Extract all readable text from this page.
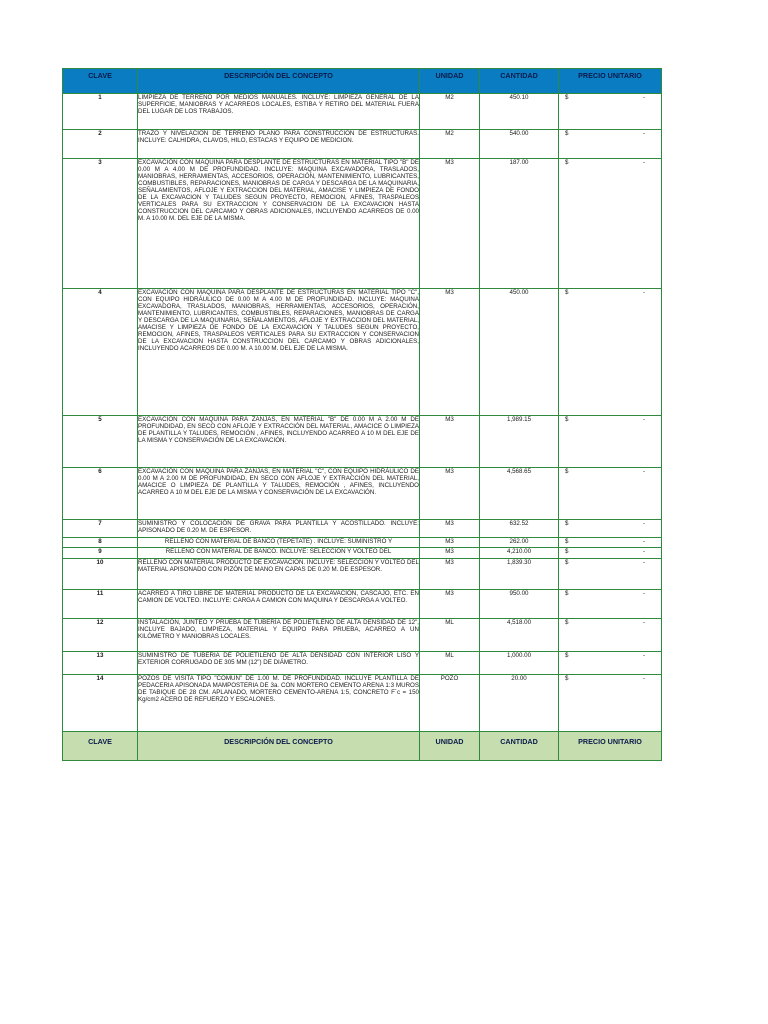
CLAVE	DESCRIPCIÓN DEL CONCEPTO	UNIDAD	CANTIDAD	PRECIO UNITARIO
1	LIMPIEZA DE TERRENO POR MEDIOS MANUALES. INCLUYE: LIMPIEZA GENERAL DE LA SUPERFICIE, MANIOBRAS Y ACARREOS LOCALES, ESTIBA Y RETIRO DEL MATERIAL FUERA DEL LUGAR DE LOS TRABAJOS.	M2	450.10	$ -

2	TRAZO Y NIVELACION DE TERRENO PLANO PARA CONSTRUCCION DE ESTRUCTURAS. INCLUYE: CALHIDRA, CLAVOS, HILO, ESTACAS Y EQUIPO DE MEDICION.	M2	540.00	$ -

3	EXCAVACIÓN CON MAQUINA PARA DESPLANTE DE ESTRUCTURAS EN MATERIAL TIPO "B" DE 0.00 M A 4.00 M DE PROFUNDIDAD. INCLUYE: MAQUINA EXCAVADORA, TRASLADOS, MANIOBRAS, HERRAMIENTAS, ACCESORIOS, OPERACIÓN, MANTENIMIENTO, LUBRICANTES, COMBUSTIBLES, REPARACIONES, MANIOBRAS DE CARGA Y DESCARGA DE LA MAQUINARIA, SEÑALAMIENTOS, AFLOJE Y EXTRACCION DEL MATERIAL, AMACISE Y LIMPIEZA DE FONDO DE LA EXCAVACION Y TALUDES SEGUN PROYECTO, REMOCION, AFINES, TRASPALEOS VERTICALES PARA SU EXTRACCION Y CONSERVACION DE LA EXCAVACION HASTA CONSTRUCCION DEL CARCAMO Y OBRAS ADICIONALES, INCLUYENDO ACARREOS DE 0.00 M. A 10.00 M. DEL EJE DE LA MISMA.	M3	187.00	$ -

4	EXCAVACIÓN CON MAQUINA PARA DESPLANTE DE ESTRUCTURAS EN MATERIAL TIPO "C", CON EQUIPO HIDRÁULICO DE 0.00 M A 4.00 M DE PROFUNDIDAD. INCLUYE: MAQUINA EXCAVADORA, TRASLADOS, MANIOBRAS, HERRAMIENTAS, ACCESORIOS, OPERACIÓN, MANTENIMIENTO, LUBRICANTES, COMBUSTIBLES, REPARACIONES, MANIOBRAS DE CARGA Y DESCARGA DE LA MAQUINARIA, SEÑALAMIENTOS, AFLOJE Y EXTRACCION DEL MATERIAL, AMACISE Y LIMPIEZA DE FONDO DE LA EXCAVACION Y TALUDES SEGUN PROYECTO, REMOCION, AFINES, TRASPALEOS VERTICALES PARA SU EXTRACCION Y CONSERVACION DE LA EXCAVACION HASTA CONSTRUCCION DEL CARCAMO Y OBRAS ADICIONALES, INCLUYENDO ACARREOS DE 0.00 M. A 10.00 M. DEL EJE DE LA MISMA.	M3	450.00	$ -

5	EXCAVACIÓN CON MAQUINA PARA ZANJAS, EN MATERIAL "B" DE 0.00 M A 2.00 M DE PROFUNDIDAD, EN SECO CON AFLOJE Y EXTRACCIÓN DEL MATERIAL, AMACICE O LIMPIEZA DE PLANTILLA Y TALUDES, REMOCIÓN , AFINES, INCLUYENDO ACARREO A 10 M DEL EJE DE LA MISMA Y CONSERVACIÓN DE LA EXCAVACIÓN.	M3	1,989.15	$ -

6	EXCAVACIÓN CON MAQUINA PARA ZANJAS, EN MATERIAL "C", CON EQUIPO HIDRÁULICO DE 0.00 M A 2.00 M DE PROFUNDIDAD, EN SECO CON AFLOJE Y EXTRACCIÓN DEL MATERIAL, AMACICE O LIMPIEZA DE PLANTILLA Y TALUDES, REMOCIÓN , AFINES, INCLUYENDO ACARREO A 10 M DEL EJE DE LA MISMA Y CONSERVACIÓN DE LA EXCAVACIÓN.	M3	4,568.65	$ -

7	SUMINISTRO Y COLOCACIÓN DE GRAVA PARA PLANTILLA Y ACOSTILLADO. INCLUYE: APISONADO DE 0.20 M. DE ESPESOR.	M3	632.52	$ -

8	RELLENO CON MATERIAL DE BANCO (TEPETATE) . INCLUYE: SUMINISTRO Y	M3	262.00	$ -

9	RELLENO CON MATERIAL DE BANCO. INCLUYE: SELECCION Y VOLTEO DEL	M3	4,210.00	$ -

10	RELLENO CON MATERIAL PRODUCTO DE EXCAVACION. INCLUYE: SELECCION Y VOLTEO DEL MATERIAL APISONADO CON PIZÓN DE MANO EN CAPAS DE 0.20 M. DE ESPESOR.	M3	1,839.30	$ -

11	ACARREO A TIRO LIBRE DE MATERIAL PRODUCTO DE LA EXCAVACION, CASCAJO, ETC. EN CAMION DE VOLTEO. INCLUYE: CARGA A CAMION CON MAQUINA Y DESCARGA A VOLTEO.	M3	950.00	$ -

12	INSTALACIÓN, JUNTEO Y PRUEBA DE TUBERÍA DE POLIETILENO DE ALTA DENSIDAD DE 12", INCLUYE BAJADO, LIMPIEZA, MATERIAL Y EQUIPO PARA PRUEBA, ACARREO A UN KILÓMETRO Y MANIOBRAS LOCALES.	ML	4,518.00	$ -

13	SUMINISTRO DE TUBERIA DE POLIETILENO DE ALTA DENSIDAD CON INTERIOR LISO Y EXTERIOR CORRUGADO DE 305 MM (12") DE DIÁMETRO.	ML	1,000.00	$ -

14	POZOS DE VISITA TIPO "COMUN" DE 1.00 M. DE PROFUNDIDAD. INCLUYE PLANTILLA DE PEDACERIA APISONADA MAMPOSTERIA DE 3a. CON MORTERO CEMENTO ARENA 1:3 MUROS DE TABIQUE DE 28 CM. APLANADO, MORTERO CEMENTO-ARENA 1:5, CONCRETO F´c = 150 Kg/cm2 ACERO DE REFUERZO Y ESCALONES.	POZO	20.00	$ -

CLAVE	DESCRIPCIÓN DEL CONCEPTO	UNIDAD	CANTIDAD	PRECIO UNITARIO
